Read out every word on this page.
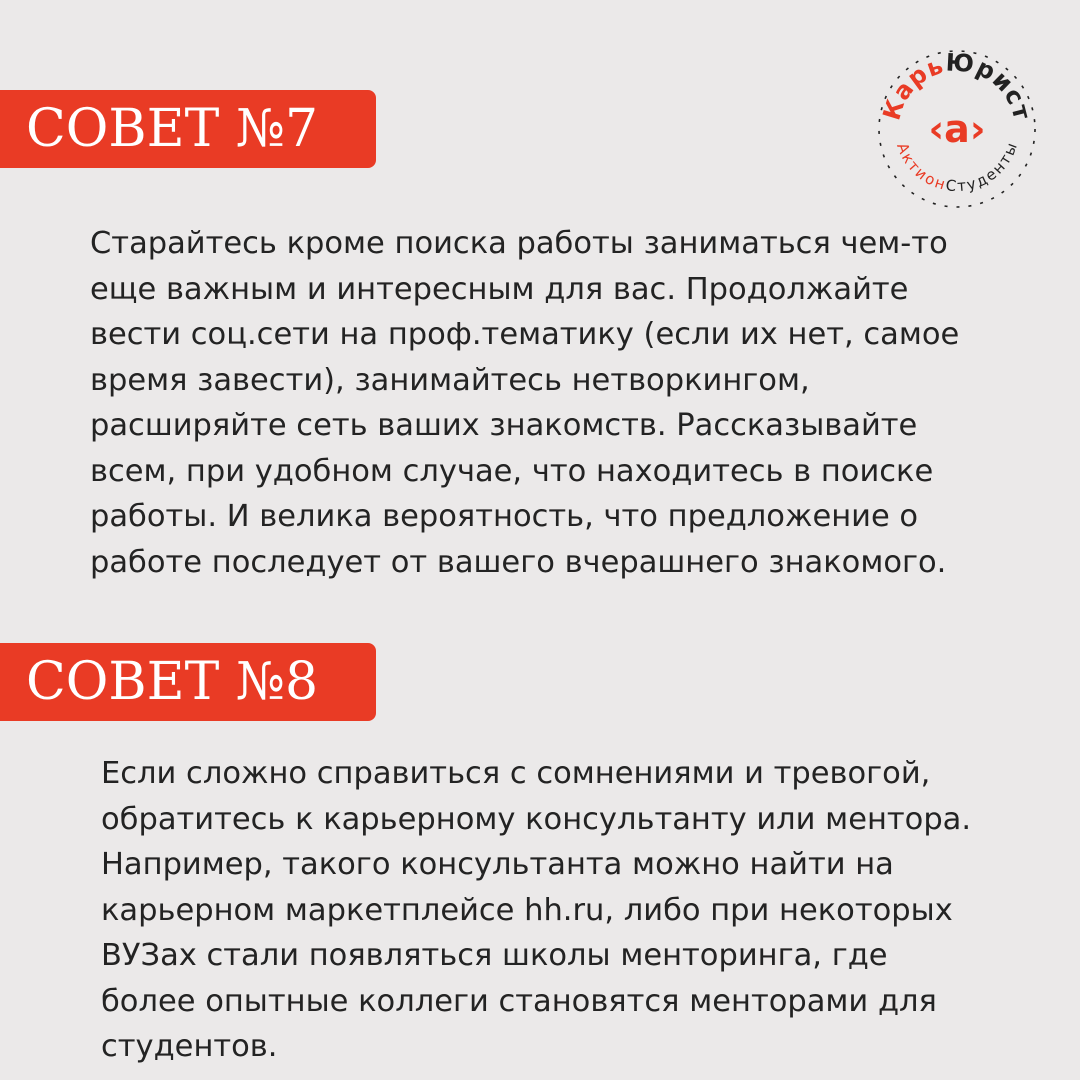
СОВЕТ №7

Старайтесь кроме поиска работы заниматься чем-то
еще важным и интересным для вас. Продолжайте
вести соц.сети на проф.тематику (если их нет, самое
время завести), занимайтесь нетворкингом,
расширяйте сеть ваших знакомств. Рассказывайте
всем, при удобном случае, что находитесь в поиске
работы. И велика вероятность, что предложение о
работе последует от вашего вчерашнего знакомого.

СОВЕТ №8

Если сложно справиться с сомнениями и тревогой,
обратитесь к карьерному консультанту или ментора.
Например, такого консультанта можно найти на
карьерном маркетплейсе hh.ru, либо при некоторых
ВУЗах стали появляться школы менторинга, где
более опытные коллеги становятся менторами для
студентов.

КарьЮрист
‹a›
АктионСтуденты
